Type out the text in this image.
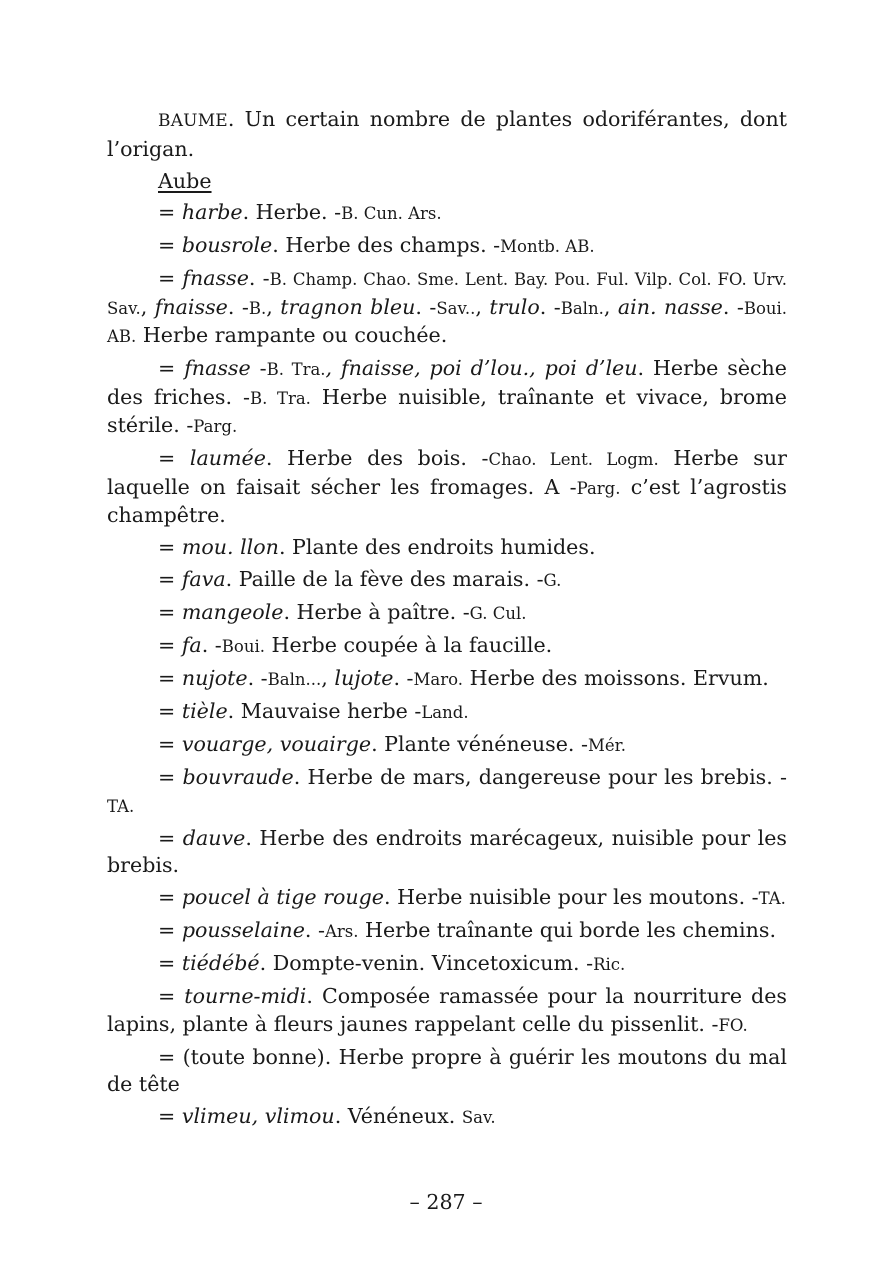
BAUME. Un certain nombre de plantes odoriférantes, dont l’origan.

Aube

= harbe. Herbe. -B. Cun. Ars.

= bousrole. Herbe des champs. -Montb. AB.

= fnasse. -B. Champ. Chao. Sme. Lent. Bay. Pou. Ful. Vilp. Col. FO. Urv. Sav., fnaisse. -B., tragnon bleu. -Sav.., trulo. -Baln., ain. nasse. -Boui. AB. Herbe rampante ou couchée.

= fnasse -B. Tra., fnaisse, poi d’lou., poi d’leu. Herbe sèche des friches. -B. Tra. Herbe nuisible, traînante et vivace, brome stérile. -Parg.

= laumée. Herbe des bois. -Chao. Lent. Logm. Herbe sur laquelle on faisait sécher les fromages. A -Parg. c’est l’agrostis champêtre.

= mou. llon. Plante des endroits humides.

= fava. Paille de la fève des marais. -G.

= mangeole. Herbe à paître. -G. Cul.

= fa. -Boui. Herbe coupée à la faucille.

= nujote. -Baln..., lujote. -Maro. Herbe des moissons. Ervum.

= tièle. Mauvaise herbe -Land.

= vouarge, vouairge. Plante vénéneuse. -Mér.

= bouvraude. Herbe de mars, dangereuse pour les brebis. -TA.

= dauve. Herbe des endroits marécageux, nuisible pour les brebis.

= poucel à tige rouge. Herbe nuisible pour les moutons. -TA.

= pousselaine. -Ars. Herbe traînante qui borde les chemins.

= tiédébé. Dompte-venin. Vincetoxicum. -Ric.

= tourne-midi. Composée ramassée pour la nourriture des lapins, plante à fleurs jaunes rappelant celle du pissenlit. -FO.

= (toute bonne). Herbe propre à guérir les moutons du mal de tête

= vlimeu, vlimou. Vénéneux. Sav.

– 287 –
